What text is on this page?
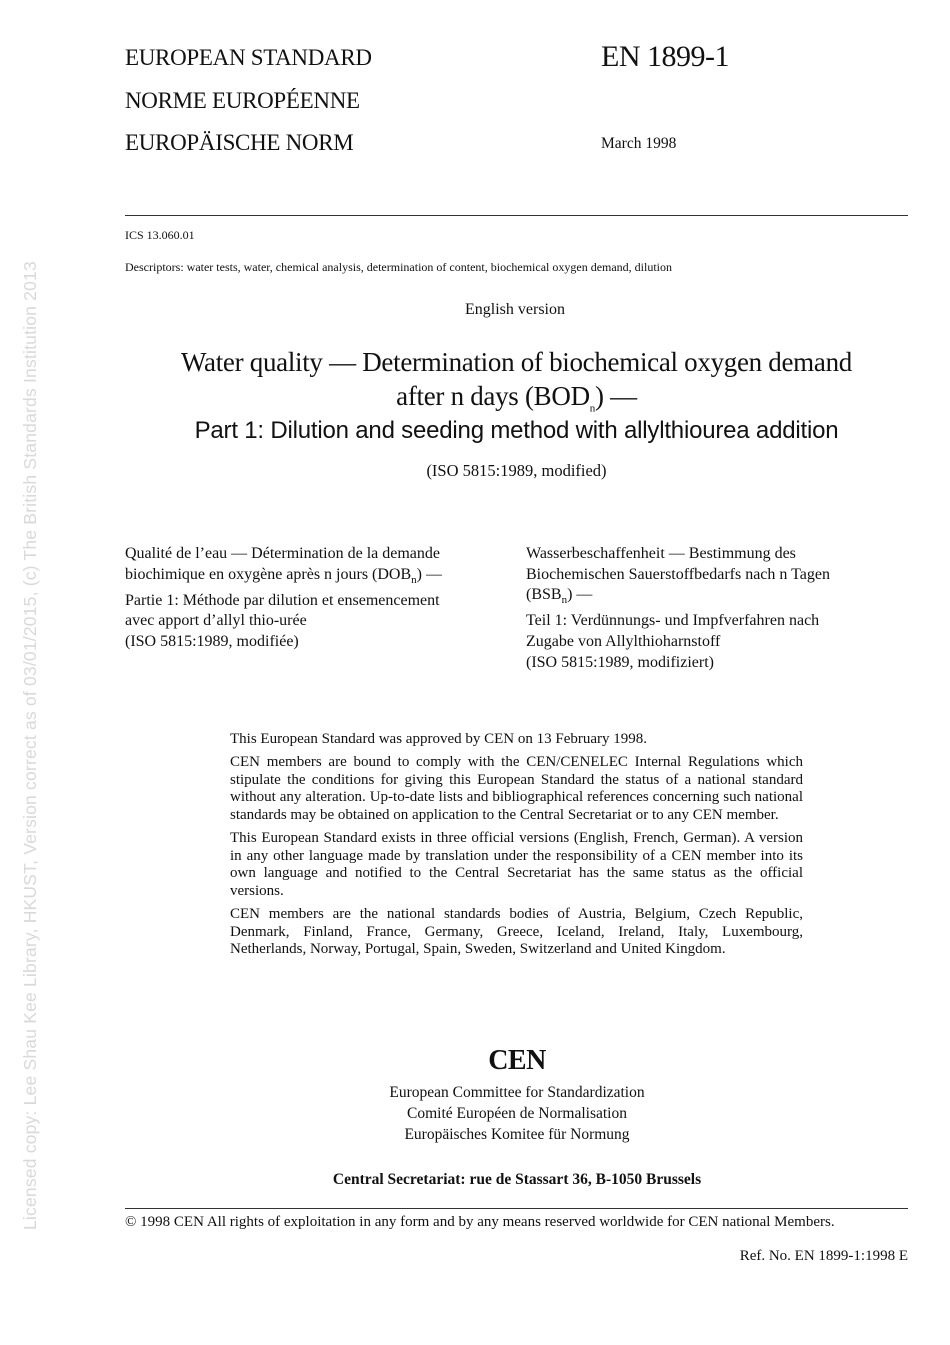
Licensed copy: Lee Shau Kee Library, HKUST, Version correct as of 03/01/2015, (c) The British Standards Institution 2013
EUROPEAN STANDARD
NORME EUROPÉENNE
EUROPÄISCHE NORM
EN 1899-1
March 1998
ICS 13.060.01
Descriptors: water tests, water, chemical analysis, determination of content, biochemical oxygen demand, dilution
English version
Water quality — Determination of biochemical oxygen demand
after n days $(BOD_n)$ —
Part 1: Dilution and seeding method with allylthiourea addition
(ISO 5815:1989, modified)
Qualité de l’eau — Détermination de la demande
biochimique en oxygène après n jours $(DOB_n)$ —
Partie 1: Méthode par dilution et ensemencement
avec apport d’allyl thio-urée
(ISO 5815:1989, modifiée)
Wasserbeschaffenheit — Bestimmung des
Biochemischen Sauerstoffbedarfs nach n Tagen
$(BSB_n)$ —
Teil 1: Verdünnungs- und Impfverfahren nach
Zugabe von Allylthioharnstoff
(ISO 5815:1989, modifiziert)

This European Standard was approved by CEN on 13 February 1998.

CEN members are bound to comply with the CEN/CENELEC Internal Regulations which stipulate the conditions for giving this European Standard the status of a national standard without any alteration. Up-to-date lists and bibliographical references concerning such national standards may be obtained on application to the Central Secretariat or to any CEN member.

This European Standard exists in three official versions (English, French, German). A version in any other language made by translation under the responsibility of a CEN member into its own language and notified to the Central Secretariat has the same status as the official versions.

CEN members are the national standards bodies of Austria, Belgium, Czech Republic, Denmark, Finland, France, Germany, Greece, Iceland, Ireland, Italy, Luxembourg, Netherlands, Norway, Portugal, Spain, Sweden, Switzerland and United Kingdom.

CEN
European Committee for Standardization
Comité Européen de Normalisation
Europäisches Komitee für Normung
Central Secretariat: rue de Stassart 36, B-1050 Brussels
© 1998 CEN All rights of exploitation in any form and by any means reserved worldwide for CEN national Members.
Ref. No. EN 1899-1:1998 E
